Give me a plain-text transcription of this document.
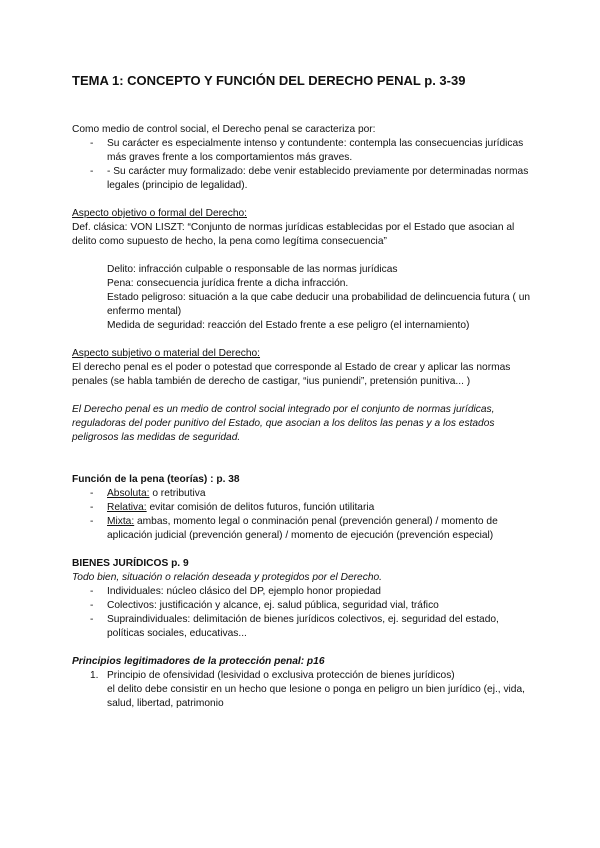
TEMA 1: CONCEPTO Y FUNCIÓN DEL DERECHO PENAL p. 3-39

Como medio de control social, el Derecho penal se caracteriza por:

- Su carácter es especialmente intenso y contundente: contempla las consecuencias jurídicas más graves frente a los comportamientos más graves.
- - Su carácter muy formalizado: debe venir establecido previamente por determinadas normas legales (principio de legalidad).

Aspecto objetivo o formal del Derecho:

Def. clásica: VON LISZT: “Conjunto de normas jurídicas establecidas por el Estado que asocian al delito como supuesto de hecho, la pena como legítima consecuencia”

Delito: infracción culpable o responsable de las normas jurídicas

Pena: consecuencia jurídica frente a dicha infracción.

Estado peligroso: situación a la que cabe deducir una probabilidad de delincuencia futura ( un enfermo mental)

Medida de seguridad: reacción del Estado frente a ese peligro (el internamiento)

Aspecto subjetivo o material del Derecho:

El derecho penal es el poder o potestad que corresponde al Estado de crear y aplicar las normas penales (se habla también de derecho de castigar, “ius puniendi”, pretensión punitiva... )

El Derecho penal es un medio de control social integrado por el conjunto de normas jurídicas, reguladoras del poder punitivo del Estado, que asocian a los delitos las penas y a los estados peligrosos las medidas de seguridad.

Función de la pena (teorías) : p. 38

- Absoluta: o retributiva
- Relativa: evitar comisión de delitos futuros, función utilitaria
- Mixta: ambas, momento legal o conminación penal (prevención general) / momento de aplicación judicial (prevención general) / momento de ejecución (prevención especial)

BIENES JURÍDICOS p. 9

Todo bien, situación o relación deseada y protegidos por el Derecho.

- Individuales: núcleo clásico del DP, ejemplo honor propiedad
- Colectivos: justificación y alcance, ej. salud pública, seguridad vial, tráfico
- Supraindividuales: delimitación de bienes jurídicos colectivos, ej. seguridad del estado, políticas sociales, educativas...

Principios legitimadores de la protección penal: p16

1. Principio de ofensividad (lesividad o exclusiva protección de bienes jurídicos)
el delito debe consistir en un hecho que lesione o ponga en peligro un bien jurídico (ej., vida, salud, libertad, patrimonio
